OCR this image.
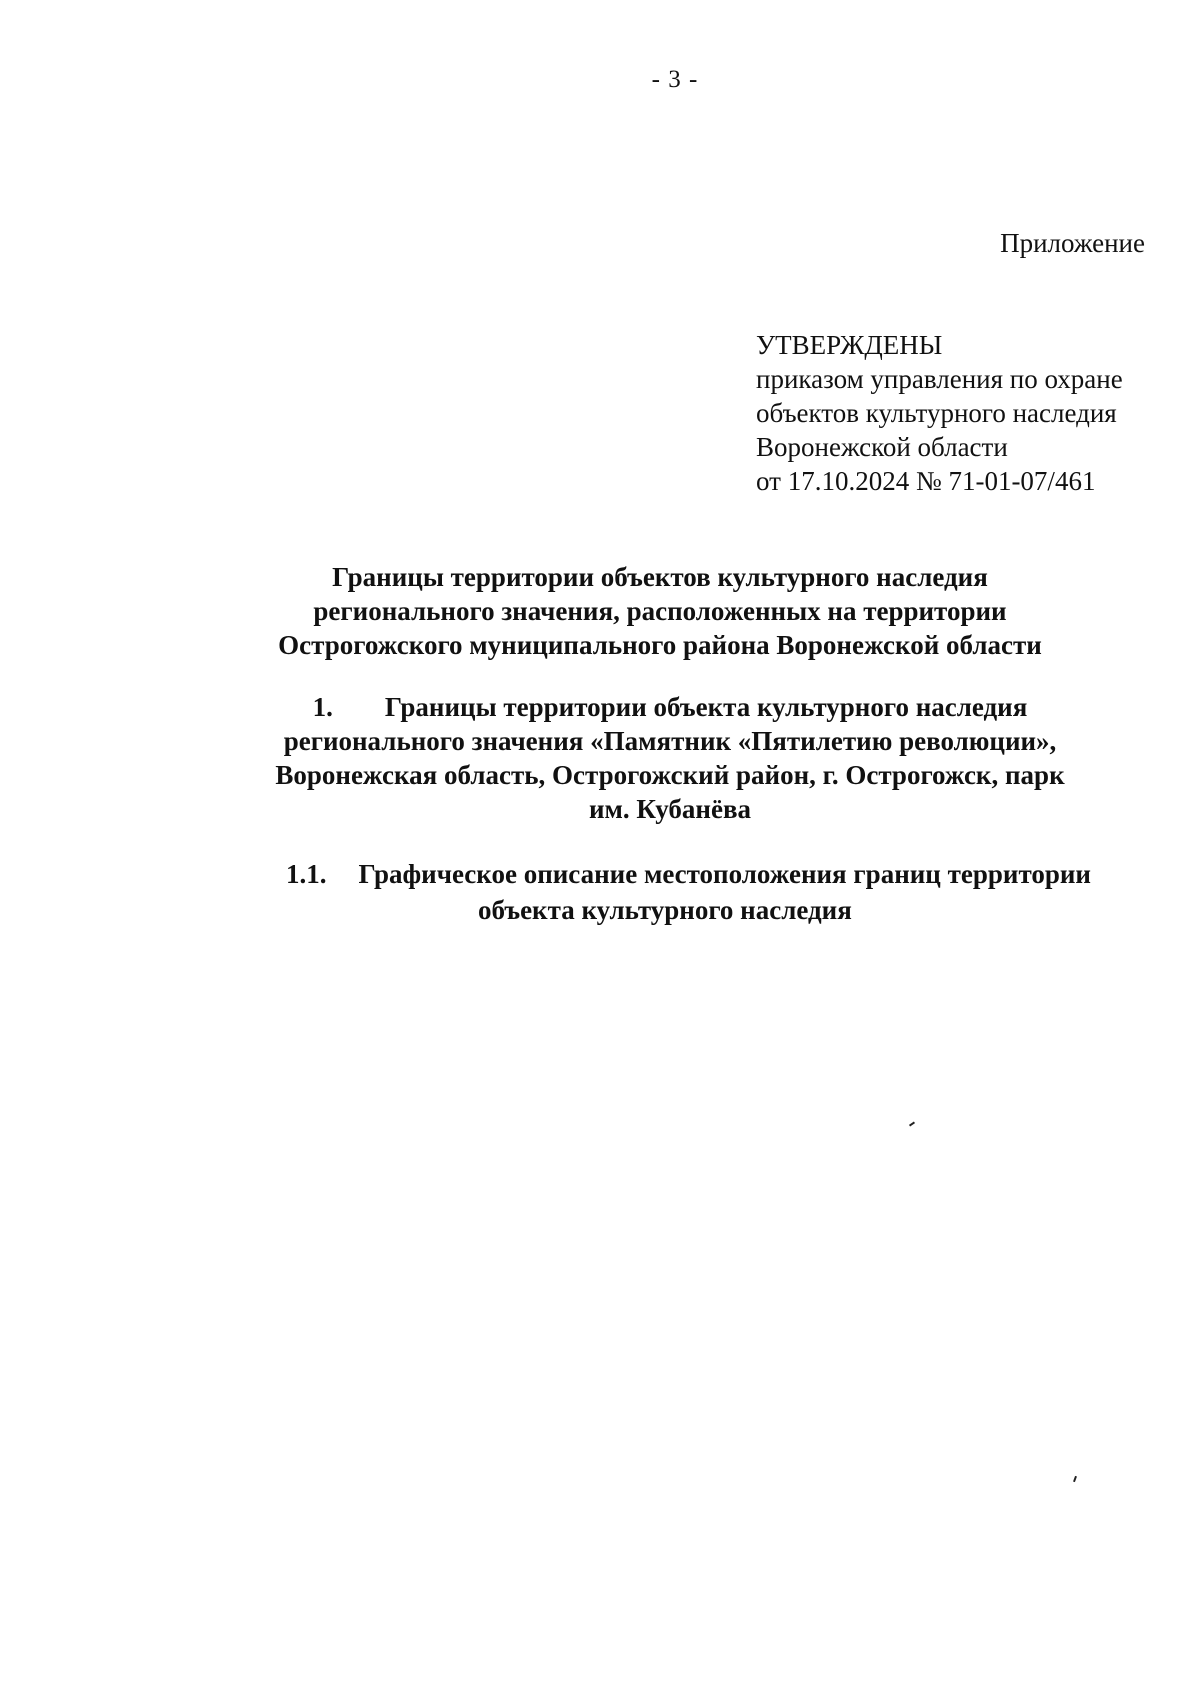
- 3 -
Приложение
УТВЕРЖДЕНЫ
приказом управления по охране
объектов культурного наследия
Воронежской области
от 17.10.2024 № 71-01-07/461
Границы территории объектов культурного наследия
регионального значения, расположенных на территории
Острогожского муниципального района Воронежской области
1. Границы территории объекта культурного наследия
регионального значения «Памятник «Пятилетию революции»,
Воронежская область, Острогожский район, г. Острогожск, парк
им. Кубанёва
1.1. Графическое описание местоположения границ территории
объекта культурного наследия
